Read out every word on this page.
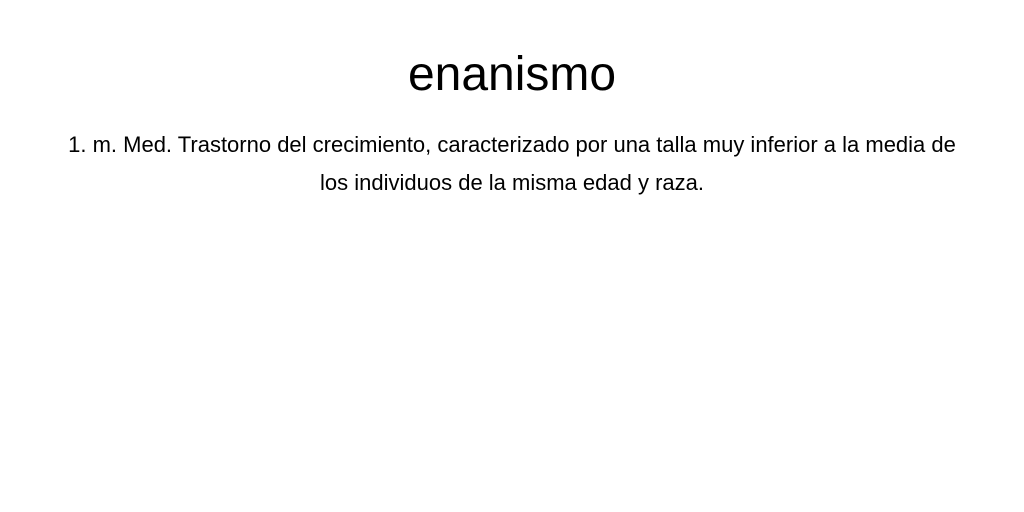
enanismo

1. m. Med. Trastorno del crecimiento, caracterizado por una talla muy inferior a la media de los individuos de la misma edad y raza.
